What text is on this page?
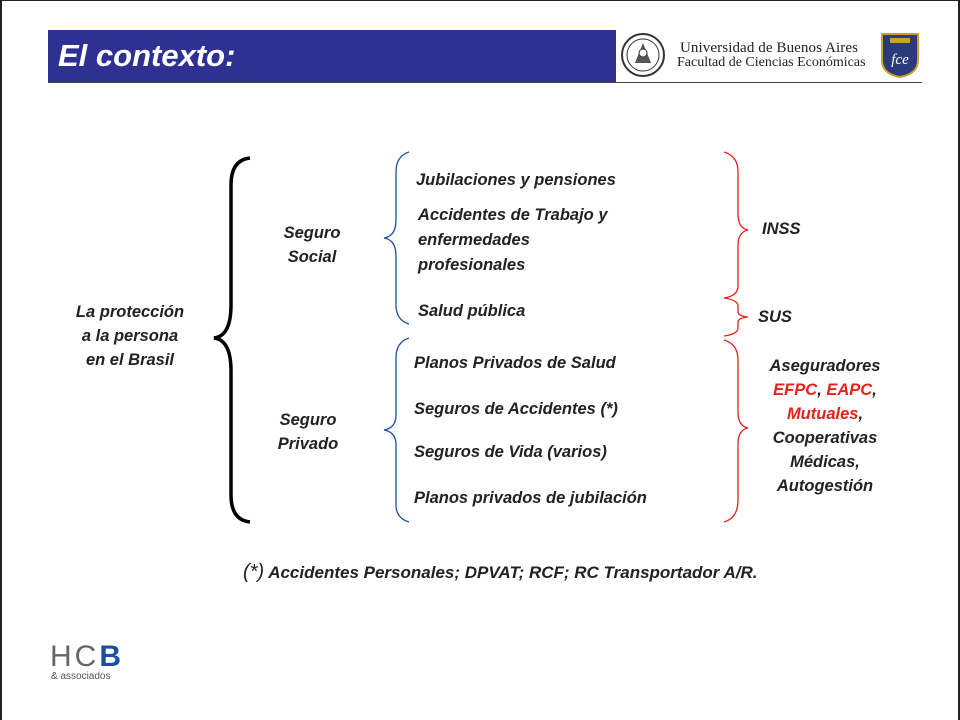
El contexto:	Universidad de Buenos Aires
Facultad de Ciencias Económicas fce
La protección
a la persona
en el Brasil
Seguro
Social
Seguro
Privado
Jubilaciones y pensiones
Accidentes de Trabajo y
enfermedades
profesionales
Salud pública
Planos Privados de Salud
Seguros de Accidentes (*)
Seguros de Vida (varios)
Planos privados de jubilación
INSS
SUS
Aseguradores
EFPC, EAPC,
Mutuales,
Cooperativas
Médicas,
Autogestión
(*) Accidentes Personales; DPVAT; RCF; RC Transportador A/R.
HCB
& associados
